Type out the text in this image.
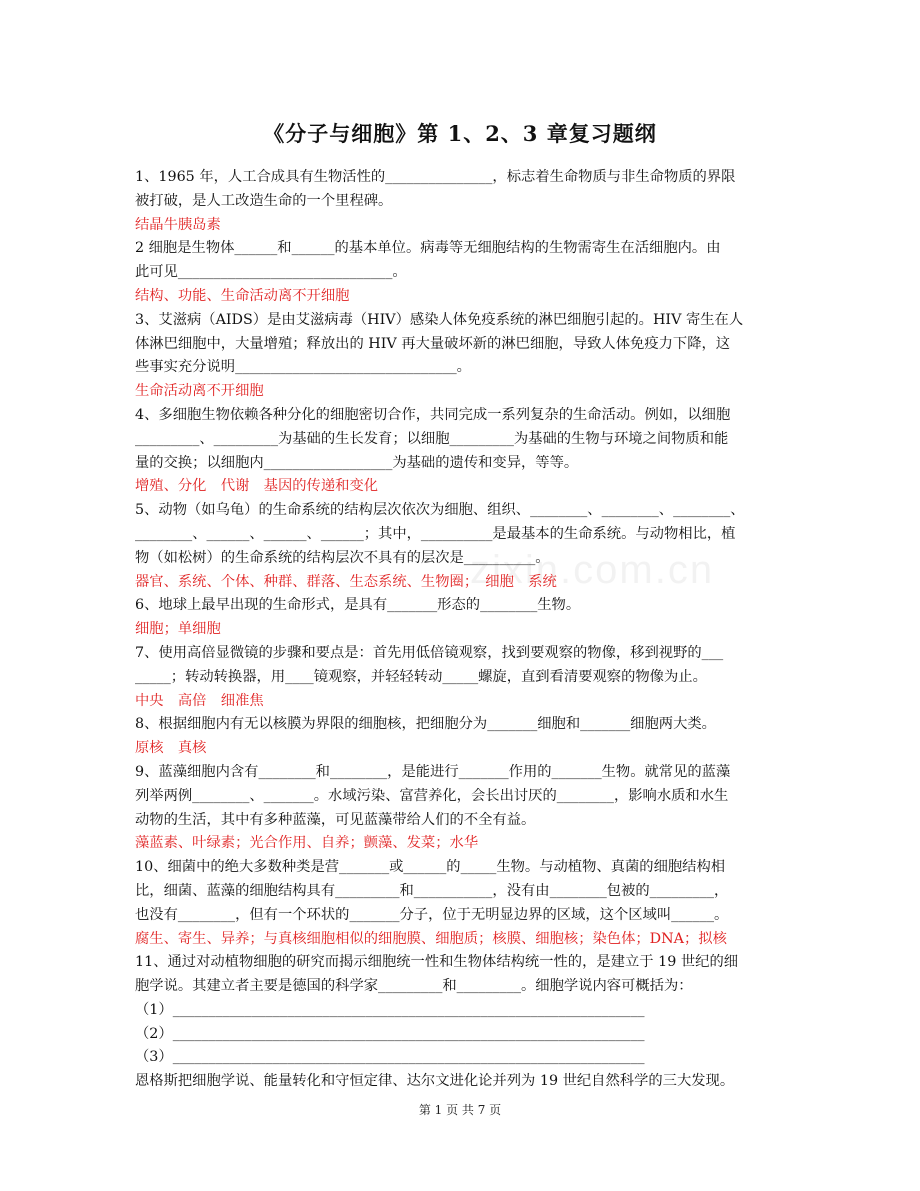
《分子与细胞》第 1、2、3 章复习题纲
zixin.com.cn
1、1965 年，人工合成具有生物活性的_______________，标志着生命物质与非生命物质的界限
被打破，是人工改造生命的一个里程碑。
结晶牛胰岛素
2 细胞是生物体______和______的基本单位。病毒等无细胞结构的生物需寄生在活细胞内。由
此可见______________________________。
结构、功能、生命活动离不开细胞
3、艾滋病（AIDS）是由艾滋病毒（HIV）感染人体免疫系统的淋巴细胞引起的。HIV 寄生在人
体淋巴细胞中，大量增殖；释放出的 HIV 再大量破坏新的淋巴细胞，导致人体免疫力下降，这
些事实充分说明_______________________________。
生命活动离不开细胞
4、多细胞生物依赖各种分化的细胞密切合作，共同完成一系列复杂的生命活动。例如，以细胞
_________、_________为基础的生长发育；以细胞_________为基础的生物与环境之间物质和能
量的交换；以细胞内__________________为基础的遗传和变异，等等。
增殖、分化　代谢　基因的传递和变化
5、动物（如乌龟）的生命系统的结构层次依次为细胞、组织、________、________、________、
________、______、______、______；其中，__________是最基本的生命系统。与动物相比，植
物（如松树）的生命系统的结构层次不具有的层次是__________。
器官、系统、个体、种群、群落、生态系统、生物圈；　细胞　系统
6、地球上最早出现的生命形式，是具有_______形态的________生物。
细胞；单细胞
7、使用高倍显微镜的步骤和要点是：首先用低倍镜观察，找到要观察的物像，移到视野的___
_____；转动转换器，用____镜观察，并轻轻转动_____螺旋，直到看清要观察的物像为止。
中央　高倍　细准焦
8、根据细胞内有无以核膜为界限的细胞核，把细胞分为_______细胞和_______细胞两大类。
原核　真核
9、蓝藻细胞内含有________和________，是能进行_______作用的_______生物。就常见的蓝藻
列举两例________、_______。水域污染、富营养化，会长出讨厌的________，影响水质和水生
动物的生活，其中有多种蓝藻，可见蓝藻带给人们的不全有益。
藻蓝素、叶绿素；光合作用、自养；颤藻、发菜；水华
10、细菌中的绝大多数种类是营_______或______的_____生物。与动植物、真菌的细胞结构相
比，细菌、蓝藻的细胞结构具有_________和___________，没有由________包被的_________，
也没有________，但有一个环状的_______分子，位于无明显边界的区域，这个区域叫______。
腐生、寄生、异养；与真核细胞相似的细胞膜、细胞质；核膜、细胞核；染色体；DNA；拟核
11、通过对动植物细胞的研究而揭示细胞统一性和生物体结构统一性的，是建立于 19 世纪的细
胞学说。其建立者主要是德国的科学家_________和_________。细胞学说内容可概括为：
（1）__________________________________________________________________
（2）__________________________________________________________________
（3）__________________________________________________________________
恩格斯把细胞学说、能量转化和守恒定律、达尔文进化论并列为 19 世纪自然科学的三大发现。
第 1 页 共 7 页
